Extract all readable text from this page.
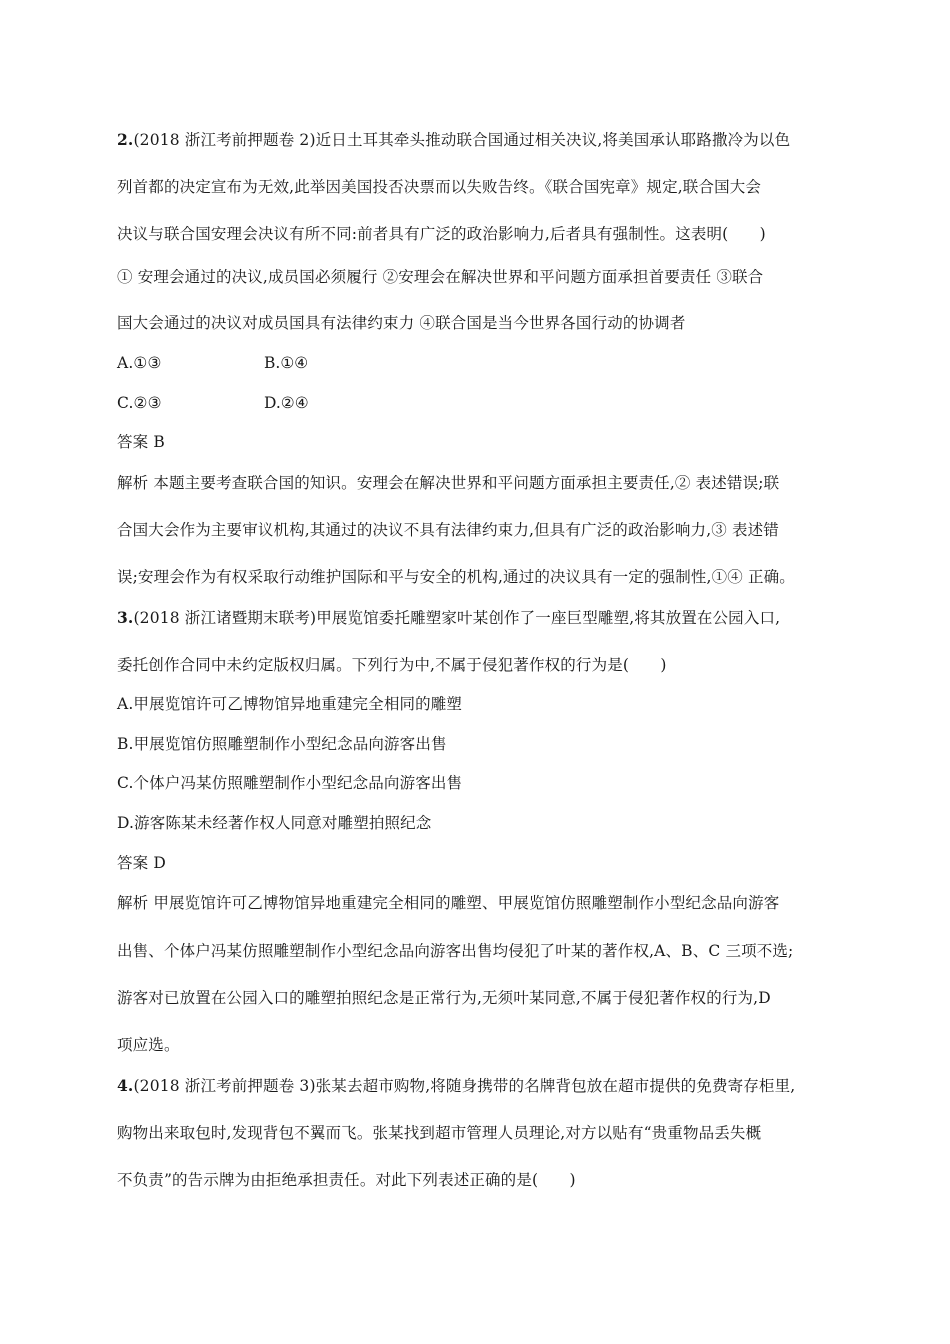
2.(2018 浙江考前押题卷 2)近日土耳其牵头推动联合国通过相关决议,将美国承认耶路撒冷为以色
列首都的决定宣布为无效,此举因美国投否决票而以失败告终。《联合国宪章》规定,联合国大会
决议与联合国安理会决议有所不同:前者具有广泛的政治影响力,后者具有强制性。这表明(　　)
① 安理会通过的决议,成员国必须履行 ②安理会在解决世界和平问题方面承担首要责任 ③联合
国大会通过的决议对成员国具有法律约束力 ④联合国是当今世界各国行动的协调者
A.①③	B.①④
C.②③	D.②④
答案 B
解析 本题主要考查联合国的知识。安理会在解决世界和平问题方面承担主要责任,② 表述错误;联
合国大会作为主要审议机构,其通过的决议不具有法律约束力,但具有广泛的政治影响力,③ 表述错
误;安理会作为有权采取行动维护国际和平与安全的机构,通过的决议具有一定的强制性,①④ 正确。
3.(2018 浙江诸暨期末联考)甲展览馆委托雕塑家叶某创作了一座巨型雕塑,将其放置在公园入口,
委托创作合同中未约定版权归属。下列行为中,不属于侵犯著作权的行为是(　　)
A.甲展览馆许可乙博物馆异地重建完全相同的雕塑
B.甲展览馆仿照雕塑制作小型纪念品向游客出售
C.个体户冯某仿照雕塑制作小型纪念品向游客出售
D.游客陈某未经著作权人同意对雕塑拍照纪念
答案 D
解析 甲展览馆许可乙博物馆异地重建完全相同的雕塑、甲展览馆仿照雕塑制作小型纪念品向游客
出售、个体户冯某仿照雕塑制作小型纪念品向游客出售均侵犯了叶某的著作权,A、B、C 三项不选;
游客对已放置在公园入口的雕塑拍照纪念是正常行为,无须叶某同意,不属于侵犯著作权的行为,D
项应选。
4.(2018 浙江考前押题卷 3)张某去超市购物,将随身携带的名牌背包放在超市提供的免费寄存柜里,
购物出来取包时,发现背包不翼而飞。张某找到超市管理人员理论,对方以贴有“贵重物品丢失概
不负责”的告示牌为由拒绝承担责任。对此下列表述正确的是(　　)
